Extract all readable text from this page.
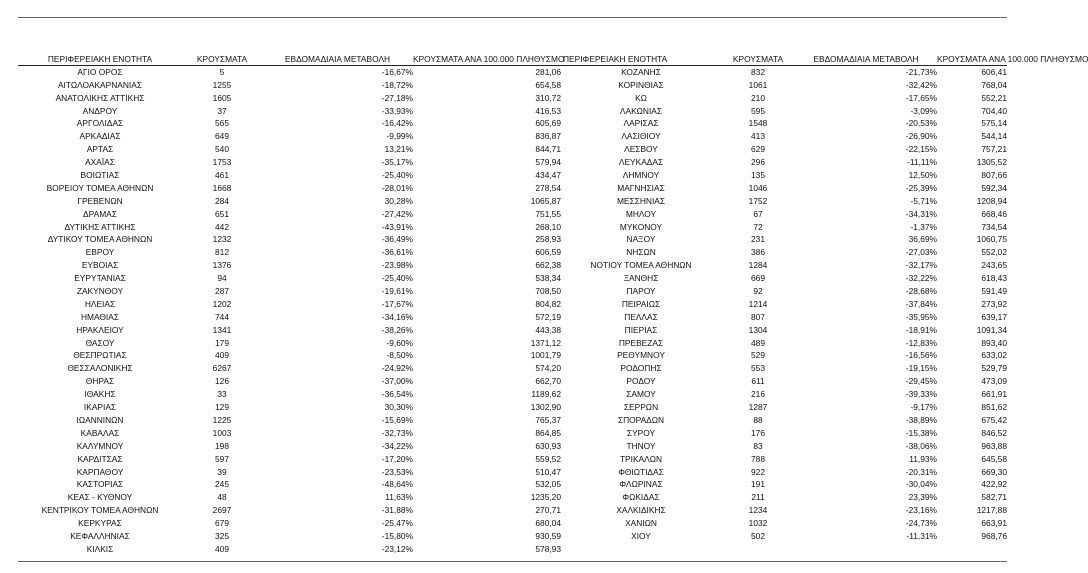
ΠΕΡΙΦΕΡΕΙΑΚΗ ΕΝΟΤΗΤΑ	ΚΡΟΥΣΜΑΤΑ	ΕΒΔΟΜΑΔΙΑΙΑ ΜΕΤΑΒΟΛΗ	ΚΡΟΥΣΜΑΤΑ ΑΝΑ 100.000 ΠΛΗΘΥΣΜΟ
ΠΕΡΙΦΕΡΕΙΑΚΗ ΕΝΟΤΗΤΑ	ΚΡΟΥΣΜΑΤΑ	ΕΒΔΟΜΑΔΙΑΙΑ ΜΕΤΑΒΟΛΗ	ΚΡΟΥΣΜΑΤΑ ΑΝΑ 100.000 ΠΛΗΘΥΣΜΟ
ΑΓΙΟ ΟΡΟΣ	5	-16,67%	281,06	ΚΟΖΑΝΗΣ	832	-21,73%	606,41
ΑΙΤΩΛΟΑΚΑΡΝΑΝΙΑΣ	1255	-18,72%	654,58	ΚΟΡΙΝΘΙΑΣ	1061	-32,42%	768,04
ΑΝΑΤΟΛΙΚΗΣ ΑΤΤΙΚΗΣ	1605	-27,18%	310,72	ΚΩ	210	-17,65%	552,21
ΑΝΔΡΟΥ	37	-33,93%	416,53	ΛΑΚΩΝΙΑΣ	595	-3,09%	704,40
ΑΡΓΟΛΙΔΑΣ	565	-16,42%	605,69	ΛΑΡΙΣΑΣ	1548	-20,53%	575,14
ΑΡΚΑΔΙΑΣ	649	-9,99%	836,87	ΛΑΣΙΘΙΟΥ	413	-26,90%	544,14
ΑΡΤΑΣ	540	13,21%	844,71	ΛΕΣΒΟΥ	629	-22,15%	757,21
ΑΧΑΪΑΣ	1753	-35,17%	579,94	ΛΕΥΚΑΔΑΣ	296	-11,11%	1305,52
ΒΟΙΩΤΙΑΣ	461	-25,40%	434,47	ΛΗΜΝΟΥ	135	12,50%	807,66
ΒΟΡΕΙΟΥ ΤΟΜΕΑ ΑΘΗΝΩΝ	1668	-28,01%	278,54	ΜΑΓΝΗΣΙΑΣ	1046	-25,39%	592,34
ΓΡΕΒΕΝΩΝ	284	30,28%	1065,87	ΜΕΣΣΗΝΙΑΣ	1752	-5,71%	1208,94
ΔΡΑΜΑΣ	651	-27,42%	751,55	ΜΗΛΟΥ	67	-34,31%	668,46
ΔΥΤΙΚΗΣ ΑΤΤΙΚΗΣ	442	-43,91%	268,10	ΜΥΚΟΝΟΥ	72	-1,37%	734,54
ΔΥΤΙΚΟΥ ΤΟΜΕΑ ΑΘΗΝΩΝ	1232	-36,49%	258,93	ΝΑΞΟΥ	231	36,69%	1060,75
ΕΒΡΟΥ	812	-36,61%	606,59	ΝΗΣΩΝ	386	-27,03%	552,02
ΕΥΒΟΙΑΣ	1376	-23,98%	662,38	ΝΟΤΙΟΥ ΤΟΜΕΑ ΑΘΗΝΩΝ	1284	-32,17%	243,65
ΕΥΡΥΤΑΝΙΑΣ	94	-25,40%	538,34	ΞΑΝΘΗΣ	669	-32,22%	618,43
ΖΑΚΥΝΘΟΥ	287	-19,61%	708,50	ΠΑΡΟΥ	92	-28,68%	591,49
ΗΛΕΙΑΣ	1202	-17,67%	804,82	ΠΕΙΡΑΙΩΣ	1214	-37,84%	273,92
ΗΜΑΘΙΑΣ	744	-34,16%	572,19	ΠΕΛΛΑΣ	807	-35,95%	639,17
ΗΡΑΚΛΕΙΟΥ	1341	-38,26%	443,38	ΠΙΕΡΙΑΣ	1304	-18,91%	1091,34
ΘΑΣΟΥ	179	-9,60%	1371,12	ΠΡΕΒΕΖΑΣ	489	-12,83%	893,40
ΘΕΣΠΡΩΤΙΑΣ	409	-8,50%	1001,79	ΡΕΘΥΜΝΟΥ	529	-16,56%	633,02
ΘΕΣΣΑΛΟΝΙΚΗΣ	6267	-24,92%	574,20	ΡΟΔΟΠΗΣ	553	-19,15%	529,79
ΘΗΡΑΣ	126	-37,00%	662,70	ΡΟΔΟΥ	611	-29,45%	473,09
ΙΘΑΚΗΣ	33	-36,54%	1189,62	ΣΑΜΟΥ	216	-39,33%	661,91
ΙΚΑΡΙΑΣ	129	30,30%	1302,90	ΣΕΡΡΩΝ	1287	-9,17%	851,62
ΙΩΑΝΝΙΝΩΝ	1225	-15,69%	765,37	ΣΠΟΡΑΔΩΝ	88	-38,89%	675,42
ΚΑΒΑΛΑΣ	1003	-32,73%	864,85	ΣΥΡΟΥ	176	-15,38%	846,52
ΚΑΛΥΜΝΟΥ	198	-34,22%	630,93	ΤΗΝΟΥ	83	-38,06%	963,88
ΚΑΡΔΙΤΣΑΣ	597	-17,20%	559,52	ΤΡΙΚΑΛΩΝ	788	11,93%	645,58
ΚΑΡΠΑΘΟΥ	39	-23,53%	510,47	ΦΘΙΩΤΙΔΑΣ	922	-20,31%	669,30
ΚΑΣΤΟΡΙΑΣ	245	-48,64%	532,05	ΦΛΩΡΙΝΑΣ	191	-30,04%	422,92
ΚΕΑΣ - ΚΥΘΝΟΥ	48	11,63%	1235,20	ΦΩΚΙΔΑΣ	211	23,39%	582,71
ΚΕΝΤΡΙΚΟΥ ΤΟΜΕΑ ΑΘΗΝΩΝ	2697	-31,88%	270,71	ΧΑΛΚΙΔΙΚΗΣ	1234	-23,16%	1217,88
ΚΕΡΚΥΡΑΣ	679	-25,47%	680,04	ΧΑΝΙΩΝ	1032	-24,73%	663,91
ΚΕΦΑΛΛΗΝΙΑΣ	325	-15,80%	930,59	ΧΙΟΥ	502	-11,31%	968,76
ΚΙΛΚΙΣ	409	-23,12%	578,93
